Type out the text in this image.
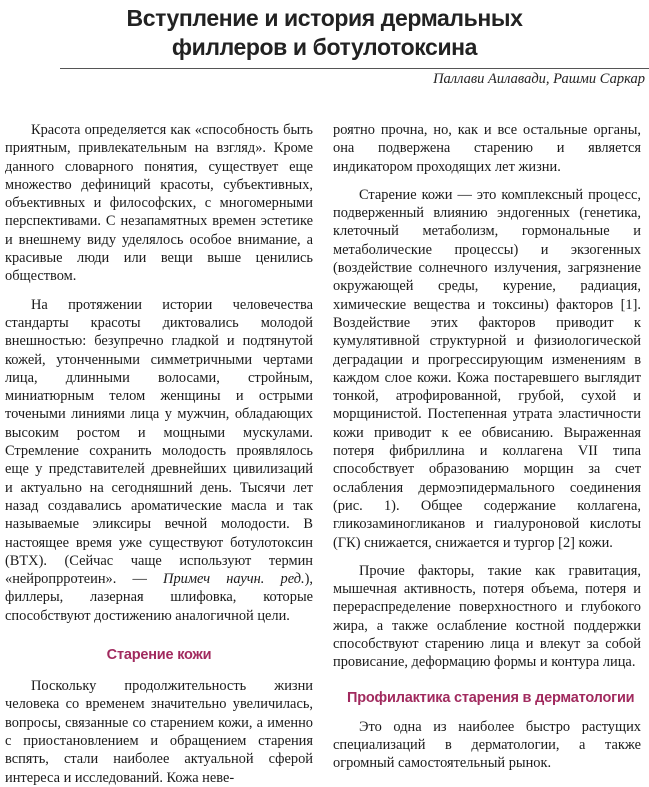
Вступление и история дермальных
филлеров и ботулотоксина
Паллави Аилавади, Рашми Саркар

Красота определяется как «способность быть приятным, привлекательным на взгляд». Кроме данного словарного понятия, существует еще множество дефиниций красоты, субъективных, объективных и философских, с многомерными перспективами. С незапамятных времен эстетике и внешнему виду уделялось особое внимание, а красивые люди или вещи выше ценились обществом.

На протяжении истории человечества стандарты красоты диктовались молодой внешностью: безупречно гладкой и подтянутой кожей, утонченными симметричными чертами лица, длинными волосами, стройным, миниатюрным телом женщины и острыми точеными линиями лица у мужчин, обладающих высоким ростом и мощными мускулами. Стремление сохранить молодость проявлялось еще у представителей древнейших цивилизаций и актуально на сегодняшний день. Тысячи лет назад создавались ароматические масла и так называемые эликсиры вечной молодости. В настоящее время уже существуют ботулотоксин (BTX). (Сейчас чаще используют термин «нейропрротеин». — Примеч научн. ред.), филлеры, лазерная шлифовка, которые способствуют достижению аналогичной цели.

Старение кожи

Поскольку продолжительность жизни человека со временем значительно увеличилась, вопросы, связанные со старением кожи, а именно с приостановлением и обращением старения вспять, стали наиболее актуальной сферой интереса и исследований. Кожа неве-

роятно прочна, но, как и все остальные органы, она подвержена старению и является индикатором проходящих лет жизни.

Старение кожи — это комплексный процесс, подверженный влиянию эндогенных (генетика, клеточный метаболизм, гормональные и метаболические процессы) и экзогенных (воздействие солнечного излучения, загрязнение окружающей среды, курение, радиация, химические вещества и токсины) факторов [1]. Воздействие этих факторов приводит к кумулятивной структурной и физиологической деградации и прогрессирующим изменениям в каждом слое кожи. Кожа постаревшего выглядит тонкой, атрофированной, грубой, сухой и морщинистой. Постепенная утрата эластичности кожи приводит к ее обвисанию. Выраженная потеря фибриллина и коллагена VII типа способствует образованию морщин за счет ослабления дермоэпидермального соединения (рис. 1). Общее содержание коллагена, гликозаминогликанов и гиалуроновой кислоты (ГК) снижается, снижается и тургор [2] кожи.

Прочие факторы, такие как гравитация, мышечная активность, потеря объема, потеря и перераспределение поверхностного и глубокого жира, а также ослабление костной поддержки способствуют старению лица и влекут за собой провисание, деформацию формы и контура лица.

Профилактика старения в дерматологии

Это одна из наиболее быстро растущих специализаций в дерматологии, а также огромный самостоятельный рынок.
